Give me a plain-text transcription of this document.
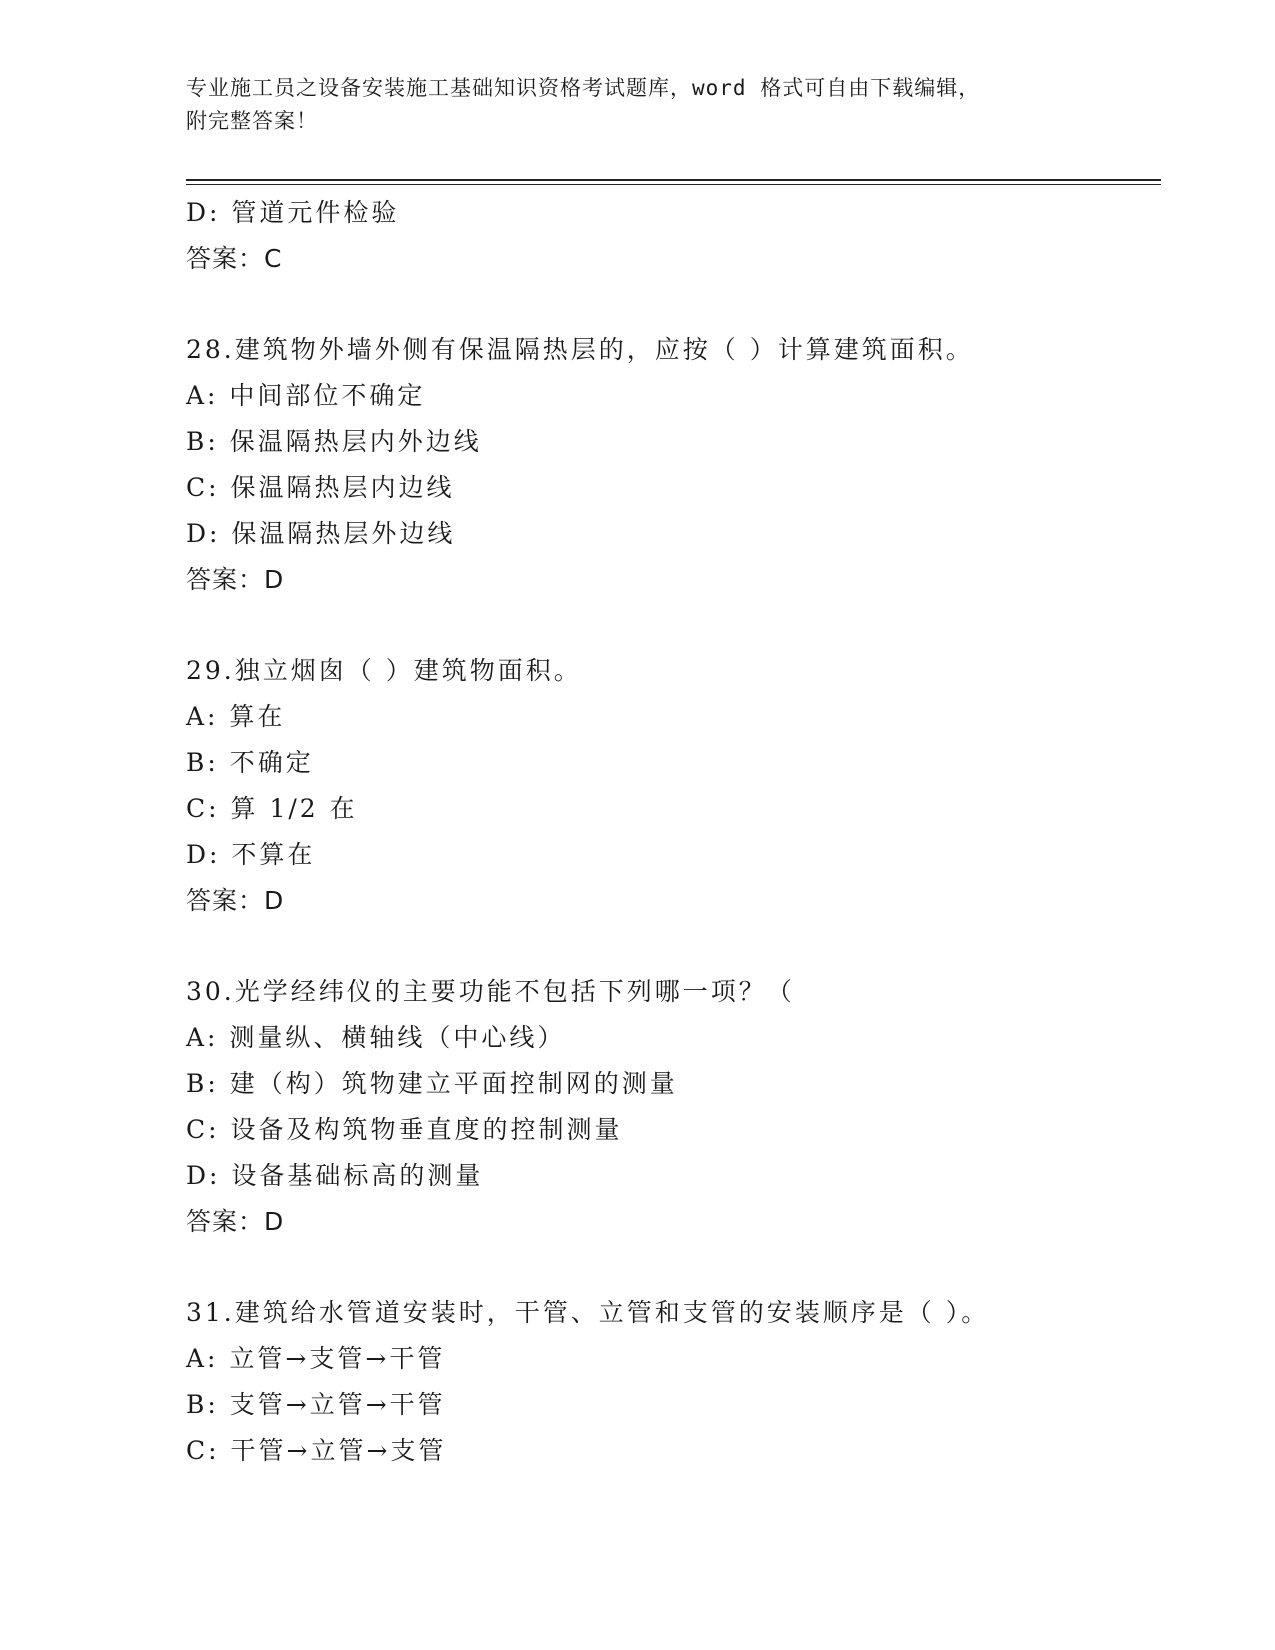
专业施工员之设备安装施工基础知识资格考试题库，word 格式可自由下载编辑，
附完整答案！
D: 管道元件检验
答案：C
28.建筑物外墙外侧有保温隔热层的，应按（ ）计算建筑面积。
A: 中间部位不确定
B: 保温隔热层内外边线
C: 保温隔热层内边线
D: 保温隔热层外边线
答案：D
29.独立烟囱（ ）建筑物面积。
A: 算在
B: 不确定
C: 算 1/2 在
D: 不算在
答案：D
30.光学经纬仪的主要功能不包括下列哪一项？（
A: 测量纵、横轴线（中心线）
B: 建（构）筑物建立平面控制网的测量
C: 设备及构筑物垂直度的控制测量
D: 设备基础标高的测量
答案：D
31.建筑给水管道安装时，干管、立管和支管的安装顺序是（ ）。
A: 立管→支管→干管
B: 支管→立管→干管
C: 干管→立管→支管
